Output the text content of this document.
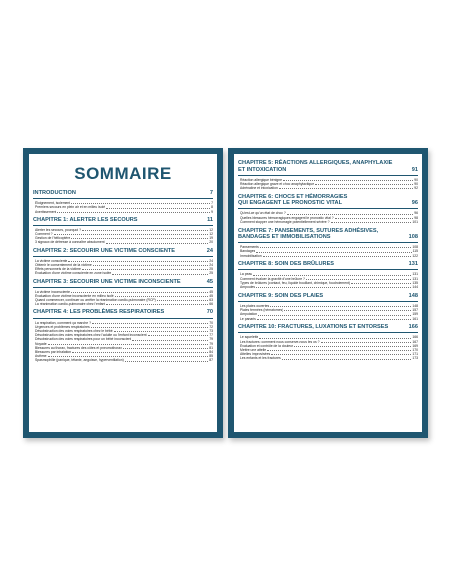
SOMMAIRE
INTRODUCTION	7
Éloignement, isolement	7
Premiers secours en plein air et en milieu isolé	8
Avertissement	9
CHAPITRE 1: ALERTER LES SECOURS	11
Alerter les secours, pourquoi ?	12
Comment ?	12
Gestion de l'hélicoptère	19
3 signaux de détresse à connaître absolument	20
CHAPITRE 2: SECOURIR UNE VICTIME CONSCIENTE	24
La victime consciente	24
Obtenir le consentement de la victime	24
Effets personnels de la victime	25
Évaluation d'une victime consciente en zone isolée	25
CHAPITRE 3: SECOURIR UNE VICTIME INCONSCIENTE	45
La victime inconsciente	45
Évaluation d'une victime inconsciente en milieu isolé	45
Quand commencer, continuer ou arrêter la réanimation cardio-pulmonaire (RCP)	63
La réanimation cardio-pulmonaire chez l'enfant	66
CHAPITRE 4: LES PROBLÈMES RESPIRATOIRES	70
La respiration, comment ça marche ?	70
Urgences et problèmes respiratoires	72
Désobstruction des voies respiratoires chez le bébé	73
Désobstruction des voies respiratoires chez l'adulte ou l'enfant inconscient	77
Désobstruction des voies respiratoires pour un bébé inconscient	79
Noyade	79
Blessures au thorax, fractures des côtes et pneumothorax	81
Blessures par inhalation	84
Asthme	85
Spasmophilie (panique, tétanie, angoisse, hyperventilation)	87
CHAPITRE 5: RÉACTIONS ALLERGIQUES, ANAPHYLAXIE
ET INTOXICATION	91
Réaction allergique bénigne	90
Réaction allergique grave et choc anaphylactique	90
Adrénaline et intoxication	92
CHAPITRE 6: CHOCS ET HÉMORRAGIES
QUI ENGAGENT LE PRONOSTIC VITAL	96
Qu'est-ce qu'un état de choc ?	96
Quelles blessures hémorragiques engagent le pronostic vital ?	98
Comment stopper une hémorragie potentiellement sévère ?	101
CHAPITRE 7: PANSEMENTS, SUTURES ADHÉSIVES,
BANDAGES ET IMMOBILISATIONS	108
Pansements	108
Bandages	115
Immobilisation	122
CHAPITRE 8: SOIN DES BRÛLURES	131
La peau	131
Comment évaluer la gravité d'une brûlure ?	131
Types de brûlures (contact, feu, liquide bouillant, chimique, foudroiement)	135
Ampoules	144
CHAPITRE 9: SOIN DES PLAIES	148
Les plaies ouvertes	148
Plaies fermées (hématomes)	157
Amputation	159
Le panaris	161
CHAPITRE 10: FRACTURES, LUXATIONS ET ENTORSES	166
Le squelette	166
Les fractures: comment nous conserve-nous les os ?	167
Évaluation et contrôle de la douleur	169
Mettre une attelle	170
Attelles improvisées	171
Les enfants et les fractures	173
